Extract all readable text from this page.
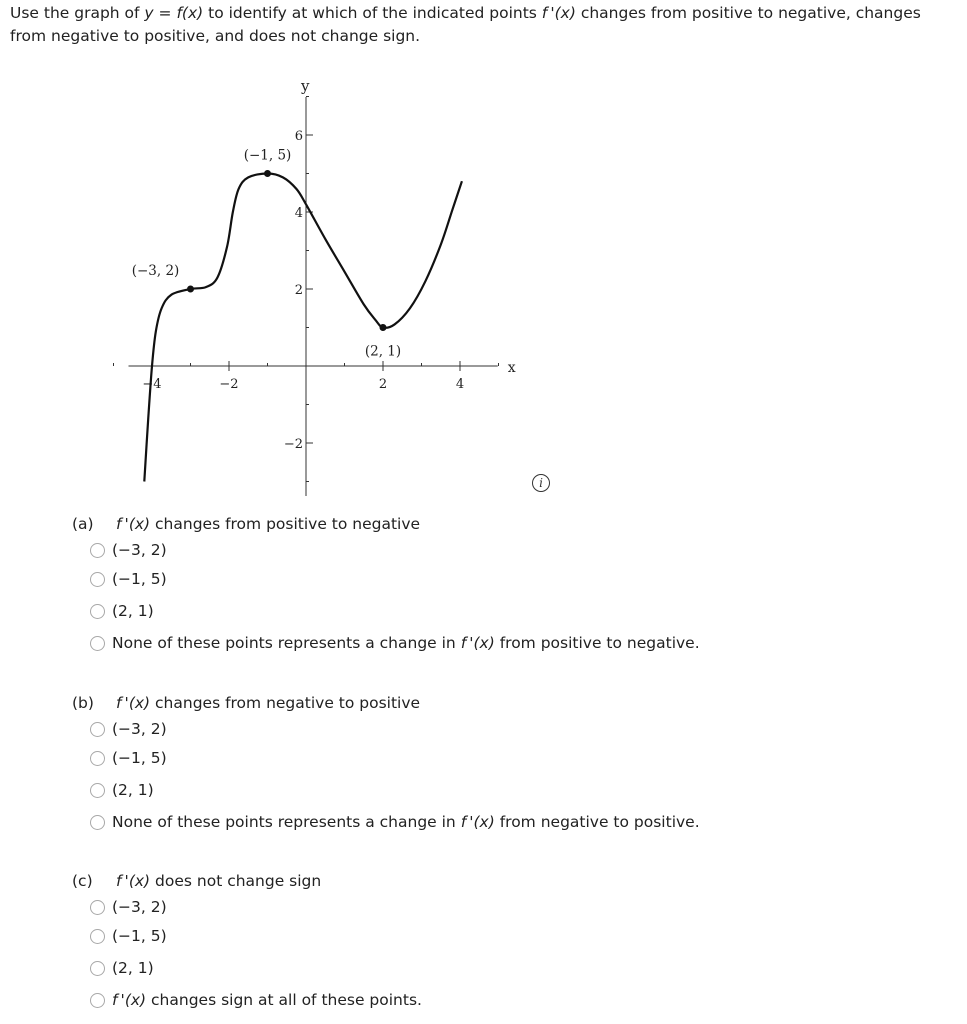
Use the graph of y = f(x) to identify at which of the indicated points f '(x) changes from positive to negative, changes from negative to positive, and does not change sign.
−4	−2	2	4
−2
2
4
6
x
y
(−3, 2)
(−1, 5)
(2, 1)
i
(a) f '(x) changes from positive to negative
(−3, 2)
(−1, 5)
(2, 1)
None of these points represents a change in f '(x) from positive to negative.
(b) f '(x) changes from negative to positive
(−3, 2)
(−1, 5)
(2, 1)
None of these points represents a change in f '(x) from negative to positive.
(c) f '(x) does not change sign
(−3, 2)
(−1, 5)
(2, 1)
f '(x) changes sign at all of these points.
